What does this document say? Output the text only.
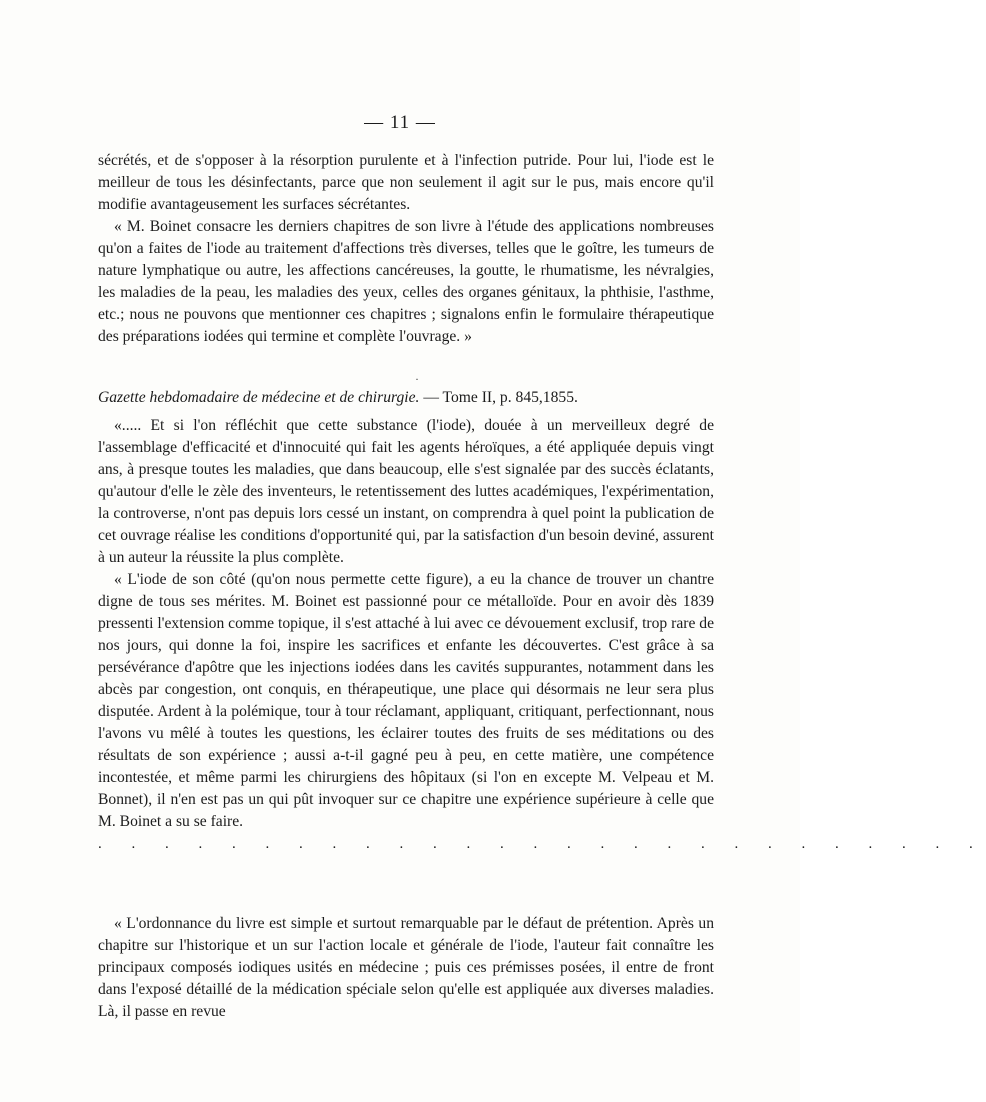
— 11 —

sécrétés, et de s'opposer à la résorption purulente et à l'infection putride. Pour lui, l'iode est le meilleur de tous les désinfectants, parce que non seulement il agit sur le pus, mais encore qu'il modifie avantageusement les surfaces sécrétantes.

« M. Boinet consacre les derniers chapitres de son livre à l'étude des applications nombreuses qu'on a faites de l'iode au traitement d'affections très diverses, telles que le goître, les tumeurs de nature lymphatique ou autre, les affections cancéreuses, la goutte, le rhumatisme, les névralgies, les maladies de la peau, les maladies des yeux, celles des organes génitaux, la phthisie, l'asthme, etc.; nous ne pouvons que mentionner ces chapitres ; signalons enfin le formulaire thérapeutique des préparations iodées qui termine et complète l'ouvrage. »

·

Gazette hebdomadaire de médecine et de chirurgie. — Tome II, p. 845,1855.

«..... Et si l'on réfléchit que cette substance (l'iode), douée à un merveilleux degré de l'assemblage d'efficacité et d'innocuité qui fait les agents héroïques, a été appliquée depuis vingt ans, à presque toutes les maladies, que dans beaucoup, elle s'est signalée par des succès éclatants, qu'autour d'elle le zèle des inventeurs, le retentissement des luttes académiques, l'expérimentation, la controverse, n'ont pas depuis lors cessé un instant, on comprendra à quel point la publication de cet ouvrage réalise les conditions d'opportunité qui, par la satisfaction d'un besoin deviné, assurent à un auteur la réussite la plus complète.

« L'iode de son côté (qu'on nous permette cette figure), a eu la chance de trouver un chantre digne de tous ses mérites. M. Boinet est passionné pour ce métalloïde. Pour en avoir dès 1839 pressenti l'extension comme topique, il s'est attaché à lui avec ce dévouement exclusif, trop rare de nos jours, qui donne la foi, inspire les sacrifices et enfante les découvertes. C'est grâce à sa persévérance d'apôtre que les injections iodées dans les cavités suppurantes, notamment dans les abcès par congestion, ont conquis, en thérapeutique, une place qui désormais ne leur sera plus disputée. Ardent à la polémique, tour à tour réclamant, appliquant, critiquant, perfectionnant, nous l'avons vu mêlé à toutes les questions, les éclairer toutes des fruits de ses méditations ou des résultats de son expérience ; aussi a-t-il gagné peu à peu, en cette matière, une compétence incontestée, et même parmi les chirurgiens des hôpitaux (si l'on en excepte M. Velpeau et M. Bonnet), il n'en est pas un qui pût invoquer sur ce chapitre une expérience supérieure à celle que M. Boinet a su se faire.

. . . . . . . . . . . . . . . . . . . . . . . . . . .

« L'ordonnance du livre est simple et surtout remarquable par le défaut de prétention. Après un chapitre sur l'historique et un sur l'action locale et générale de l'iode, l'auteur fait connaître les principaux composés iodiques usités en médecine ; puis ces prémisses posées, il entre de front dans l'exposé détaillé de la médication spéciale selon qu'elle est appliquée aux diverses maladies. Là, il passe en revue
